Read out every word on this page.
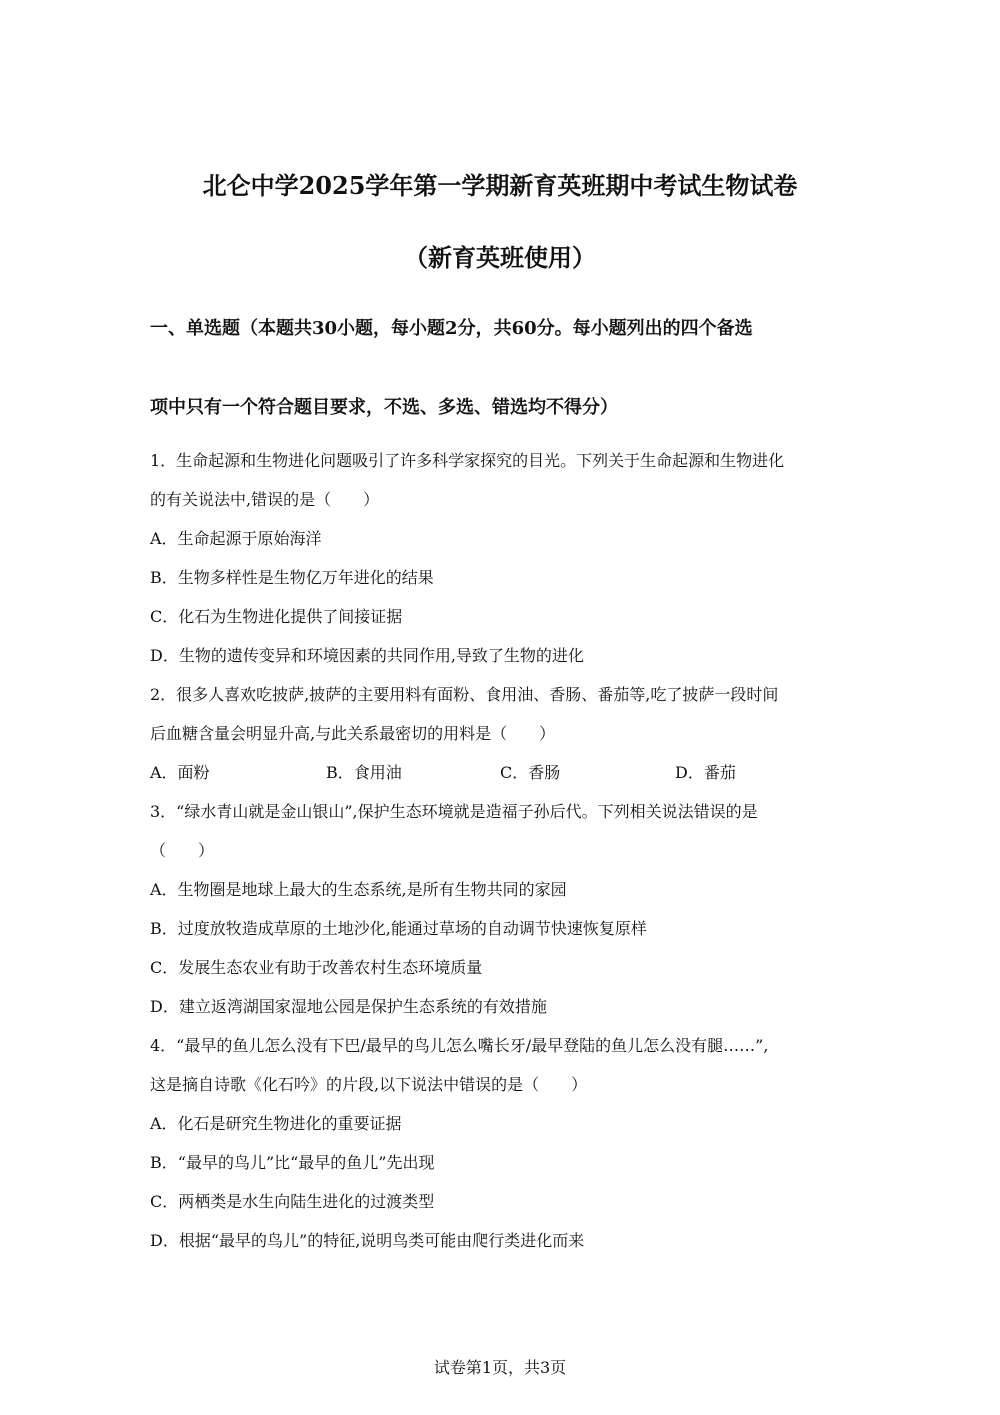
北仑中学2025学年第一学期新育英班期中考试生物试卷
（新育英班使用）
一、单选题（本题共30小题，每小题2分，共60分。每小题列出的四个备选
项中只有一个符合题目要求，不选、多选、错选均不得分）
1．生命起源和生物进化问题吸引了许多科学家探究的目光。下列关于生命起源和生物进化
的有关说法中,错误的是（　　）
A．生命起源于原始海洋
B．生物多样性是生物亿万年进化的结果
C．化石为生物进化提供了间接证据
D．生物的遗传变异和环境因素的共同作用,导致了生物的进化
2．很多人喜欢吃披萨,披萨的主要用料有面粉、食用油、香肠、番茄等,吃了披萨一段时间
后血糖含量会明显升高,与此关系最密切的用料是（　　）
A．面粉	B．食用油	C．香肠	D．番茄
3．“绿水青山就是金山银山”,保护生态环境就是造福子孙后代。下列相关说法错误的是
（　　）
A．生物圈是地球上最大的生态系统,是所有生物共同的家园
B．过度放牧造成草原的土地沙化,能通过草场的自动调节快速恢复原样
C．发展生态农业有助于改善农村生态环境质量
D．建立返湾湖国家湿地公园是保护生态系统的有效措施
4．“最早的鱼儿怎么没有下巴/最早的鸟儿怎么嘴长牙/最早登陆的鱼儿怎么没有腿……”,
这是摘自诗歌《化石吟》的片段,以下说法中错误的是（　　）
A．化石是研究生物进化的重要证据
B．“最早的鸟儿”比“最早的鱼儿”先出现
C．两栖类是水生向陆生进化的过渡类型
D．根据“最早的鸟儿”的特征,说明鸟类可能由爬行类进化而来
试卷第1页，共3页
